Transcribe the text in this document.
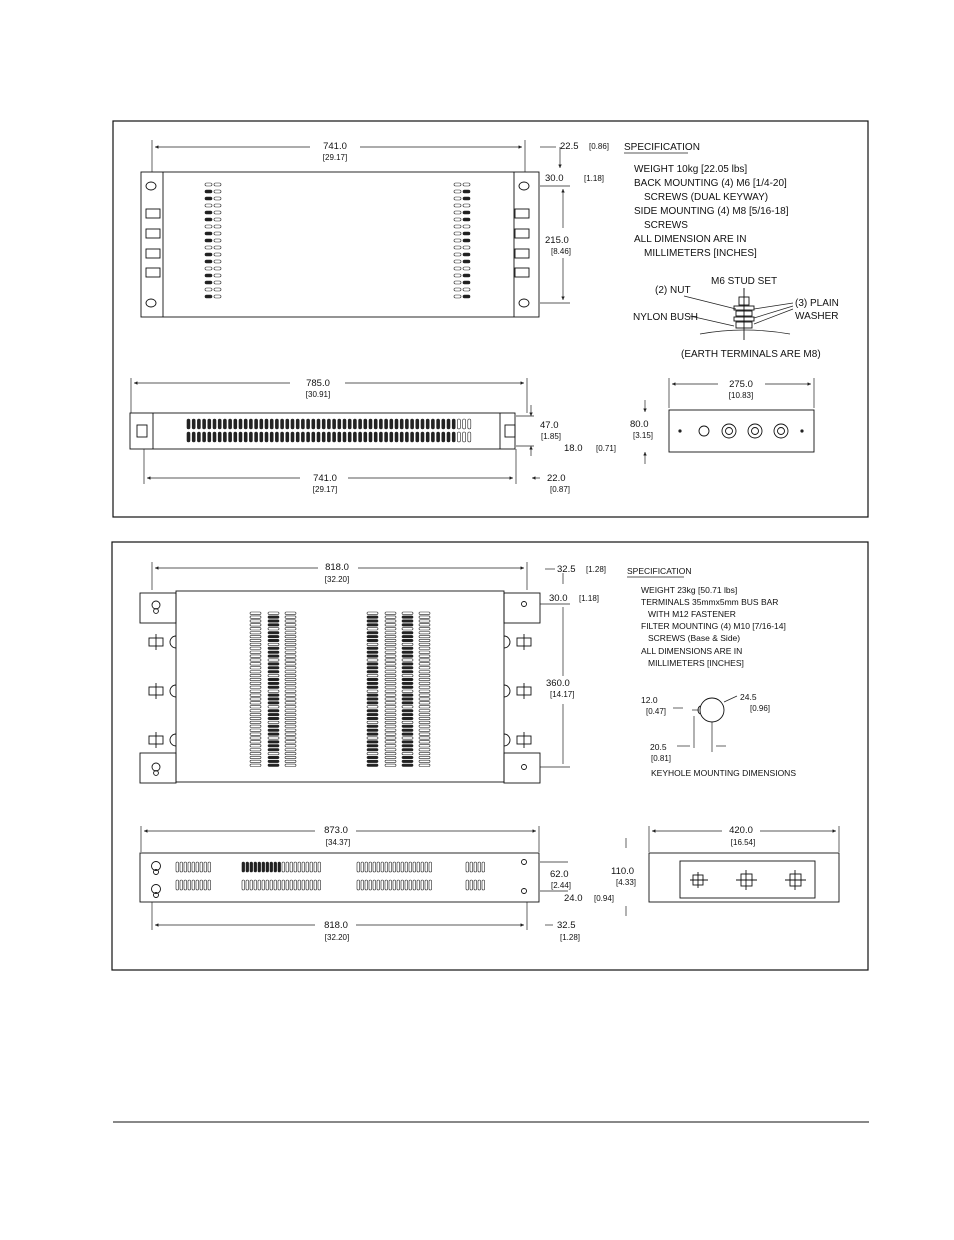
741.0
[29.17]
22.5 [0.86]
30.0	[1.18]
215.0
[8.46]
SPECIFICATION
WEIGHT 10kg [22.05 lbs]
BACK MOUNTING (4) M6 [1/4-20]
SCREWS (DUAL KEYWAY)
SIDE MOUNTING (4) M8 [5/16-18]
SCREWS
ALL DIMENSION ARE IN
MILLIMETERS [INCHES]
M6 STUD SET
(2) NUT
(3) PLAIN
WASHER
NYLON BUSH
(EARTH TERMINALS ARE M8)
785.0
[30.91]
47.0
[1.85]
18.0 [0.71]
741.0
[29.17]
22.0
[0.87]
275.0
[10.83]
80.0
[3.15]
818.0
[32.20]
32.5 [1.28]
30.0 [1.18]
360.0
[14.17]
SPECIFICATION
WEIGHT 23kg [50.71 lbs]
TERMINALS 35mmx5mm BUS BAR
WITH M12 FASTENER
FILTER MOUNTING (4) M10 [7/16-14]
SCREWS (Base & Side)
ALL DIMENSIONS ARE IN
MILLIMETERS [INCHES]
12.0
[0.47]
24.5
[0.96]
20.5
[0.81]
KEYHOLE MOUNTING DIMENSIONS
873.0
[34.37]
62.0
[2.44]
24.0 [0.94]
110.0
[4.33]
818.0
[32.20]
32.5
[1.28]
420.0
[16.54]
